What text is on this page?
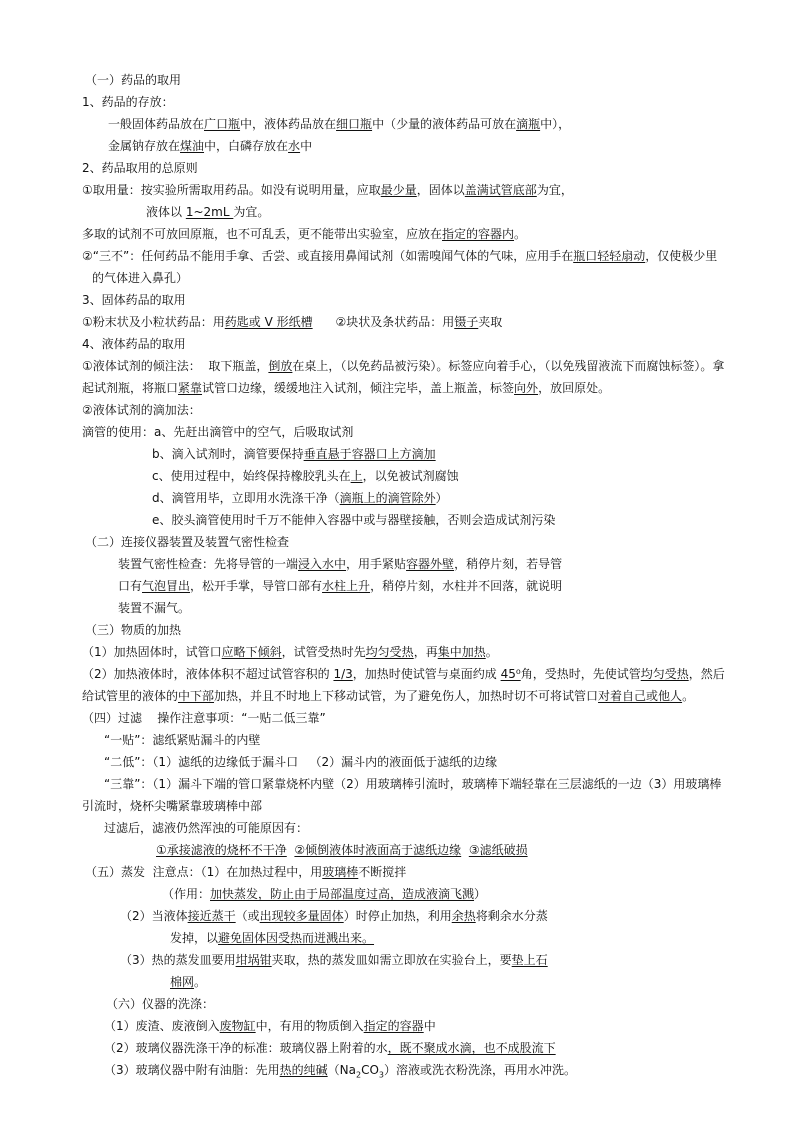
（一）药品的取用
1、药品的存放：
一般固体药品放在广口瓶中，液体药品放在细口瓶中（少量的液体药品可放在滴瓶中），
金属钠存放在煤油中，白磷存放在水中
2、药品取用的总原则
①取用量：按实验所需取用药品。如没有说明用量，应取最少量，固体以盖满试管底部为宜，
液体以 1~2mL 为宜。
多取的试剂不可放回原瓶，也不可乱丢，更不能带出实验室，应放在指定的容器内。
②“三不”：任何药品不能用手拿、舌尝、或直接用鼻闻试剂（如需嗅闻气体的气味，应用手在瓶口轻轻扇动，仅使极少里
的气体进入鼻孔）
3、固体药品的取用
①粉末状及小粒状药品：用药匙或 V 形纸槽      ②块状及条状药品：用镊子夹取
4、液体药品的取用
①液体试剂的倾注法：  取下瓶盖，倒放在桌上，（以免药品被污染）。标签应向着手心，（以免残留液流下而腐蚀标签）。拿
起试剂瓶，将瓶口紧靠试管口边缘，缓缓地注入试剂，倾注完毕，盖上瓶盖，标签向外，放回原处。
②液体试剂的滴加法：
滴管的使用：a、先赶出滴管中的空气，后吸取试剂
b、滴入试剂时，滴管要保持垂直悬于容器口上方滴加
c、使用过程中，始终保持橡胶乳头在上，以免被试剂腐蚀
d、滴管用毕，立即用水洗涤干净（滴瓶上的滴管除外）
e、胶头滴管使用时千万不能伸入容器中或与器壁接触，否则会造成试剂污染
（二）连接仪器装置及装置气密性检查
装置气密性检查：先将导管的一端浸入水中，用手紧贴容器外壁，稍停片刻，若导管
口有气泡冒出，松开手掌，导管口部有水柱上升，稍停片刻，水柱并不回落，就说明
装置不漏气。
（三）物质的加热
（1）加热固体时，试管口应略下倾斜，试管受热时先均匀受热，再集中加热。
（2）加热液体时，液体体积不超过试管容积的 1/3，加热时使试管与桌面约成 45⁰角，受热时，先使试管均匀受热，然后
给试管里的液体的中下部加热，并且不时地上下移动试管，为了避免伤人，加热时切不可将试管口对着自己或他人。
（四）过滤    操作注意事项：“一贴二低三靠”
“一贴”：滤纸紧贴漏斗的内壁
“二低”：（1）滤纸的边缘低于漏斗口   （2）漏斗内的液面低于滤纸的边缘
“三靠”：（1）漏斗下端的管口紧靠烧杯内壁（2）用玻璃棒引流时，玻璃棒下端轻靠在三层滤纸的一边（3）用玻璃棒
引流时，烧杯尖嘴紧靠玻璃棒中部
过滤后，滤液仍然浑浊的可能原因有：
①承接滤液的烧杯不干净 ②倾倒液体时液面高于滤纸边缘 ③滤纸破损
（五）蒸发  注意点：（1）在加热过程中，用玻璃棒不断搅拌
（作用：加快蒸发，防止由于局部温度过高，造成液滴飞溅）
（2）当液体接近蒸干（或出现较多量固体）时停止加热，利用余热将剩余水分蒸
发掉，以避免固体因受热而迸溅出来。
（3）热的蒸发皿要用坩埚钳夹取，热的蒸发皿如需立即放在实验台上，要垫上石
棉网。
（六）仪器的洗涤：
（1）废渣、废液倒入废物缸中，有用的物质倒入指定的容器中
（2）玻璃仪器洗涤干净的标准：玻璃仪器上附着的水，既不聚成水滴，也不成股流下
（3）玻璃仪器中附有油脂：先用热的纯碱$(Na_2CO_3)$溶液或洗衣粉洗涤，再用水冲洗。
